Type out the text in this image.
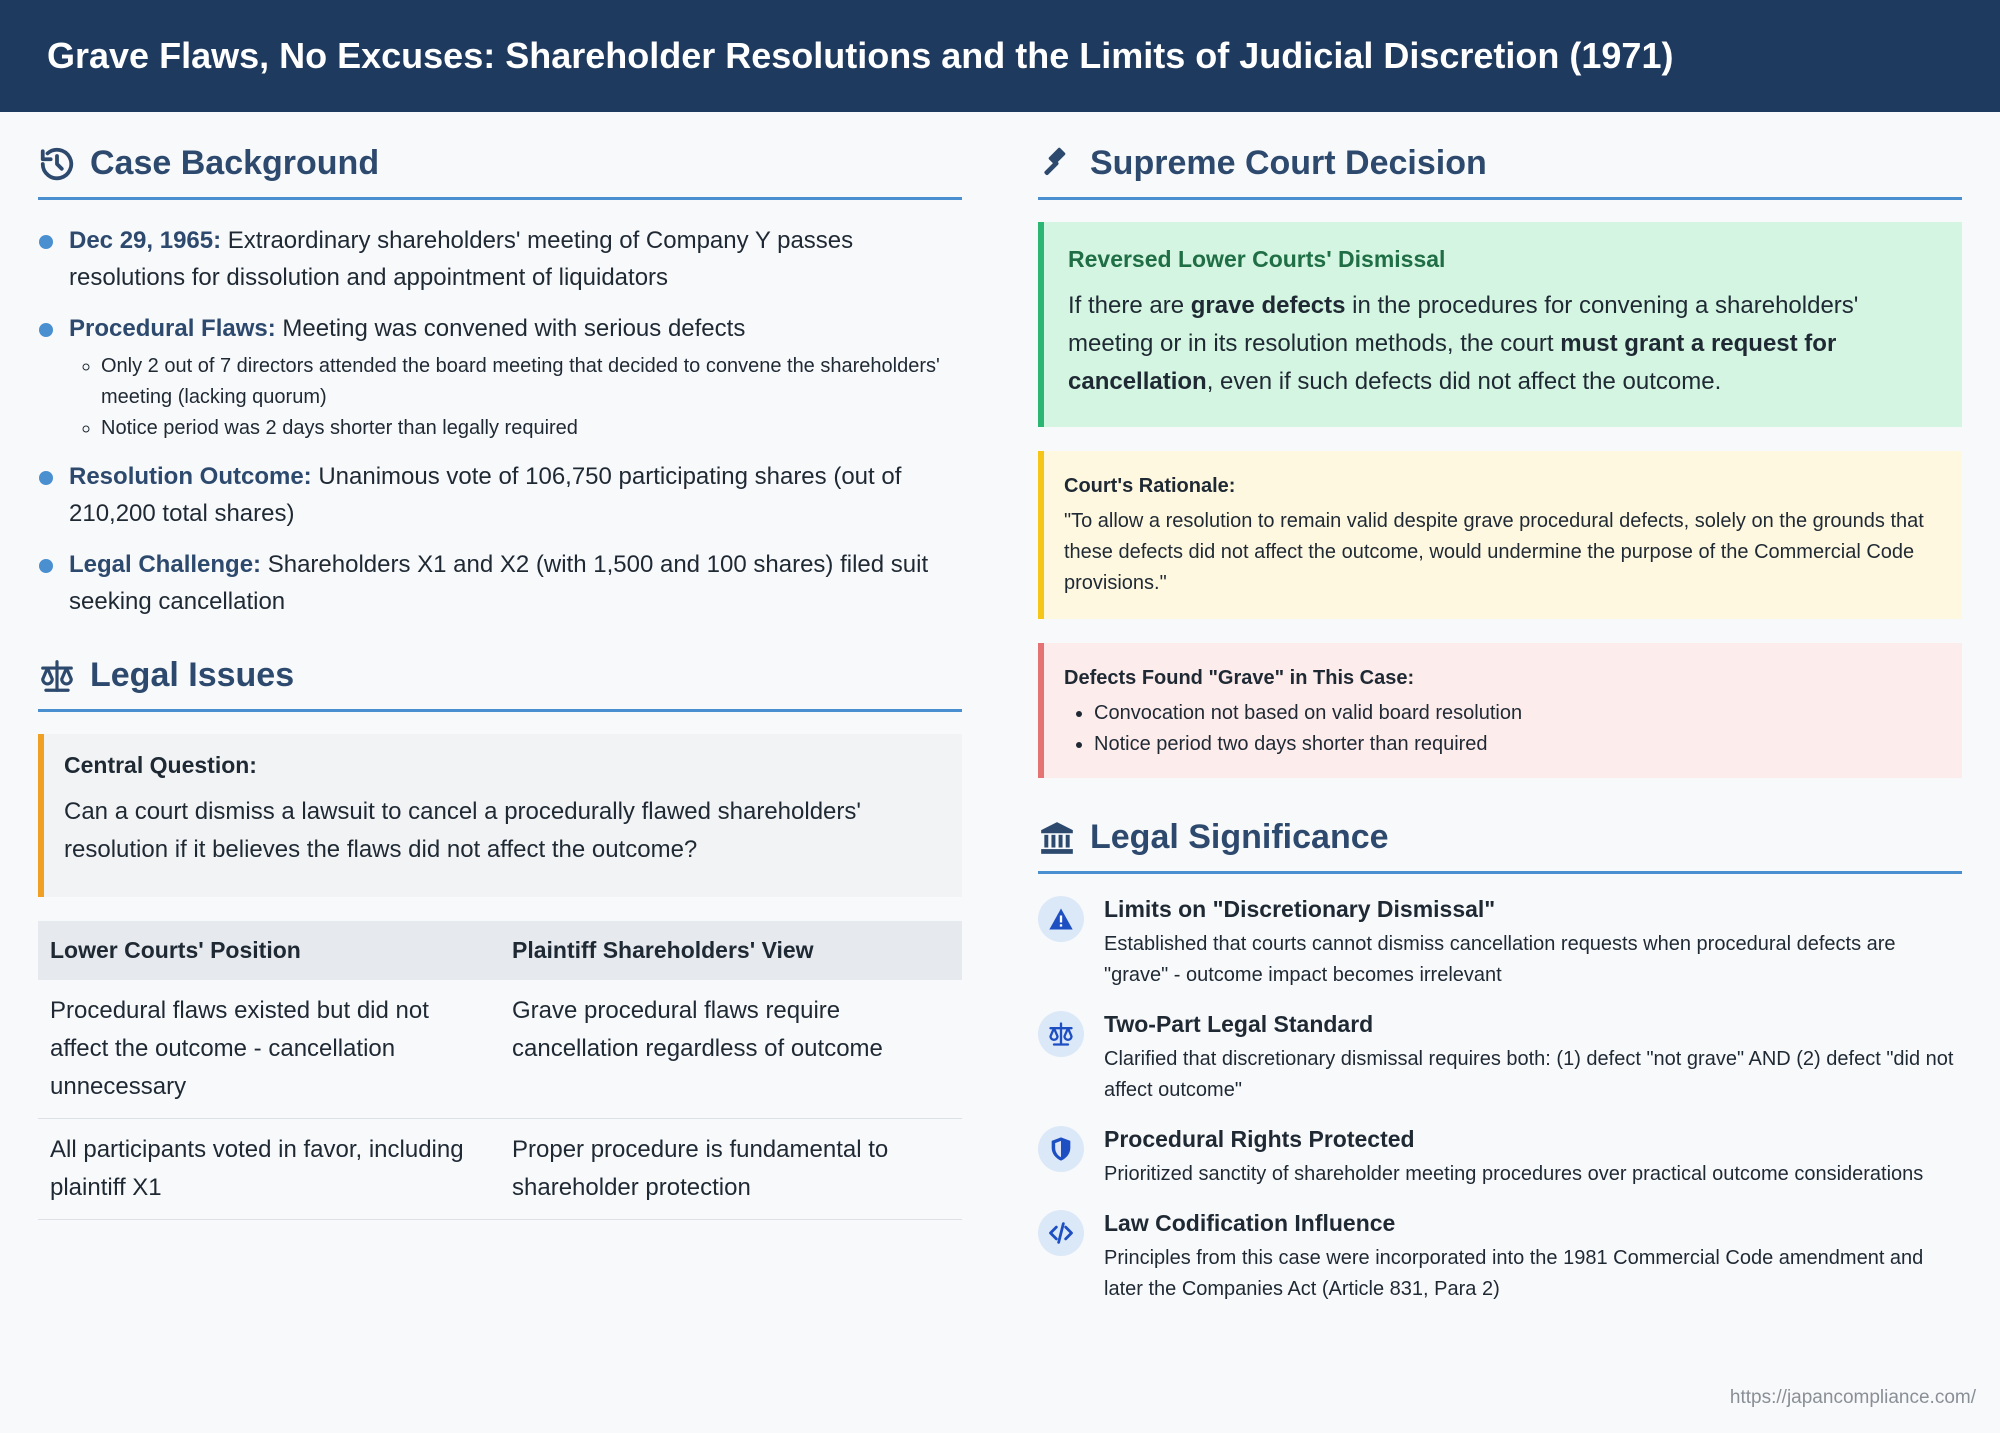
Grave Flaws, No Excuses: Shareholder Resolutions and the Limits of Judicial Discretion (1971)
Case Background
Dec 29, 1965: Extraordinary shareholders' meeting of Company Y passes resolutions for dissolution and appointment of liquidators
Procedural Flaws: Meeting was convened with serious defects
◦ Only 2 out of 7 directors attended the board meeting that decided to convene the shareholders' meeting (lacking quorum)
◦ Notice period was 2 days shorter than legally required
Resolution Outcome: Unanimous vote of 106,750 participating shares (out of 210,200 total shares)
Legal Challenge: Shareholders X1 and X2 (with 1,500 and 100 shares) filed suit seeking cancellation
Legal Issues
Central Question:
Can a court dismiss a lawsuit to cancel a procedurally flawed shareholders' resolution if it believes the flaws did not affect the outcome?
Lower Courts' Position	Plaintiff Shareholders' View
Procedural flaws existed but did not affect the outcome - cancellation unnecessary	Grave procedural flaws require cancellation regardless of outcome
All participants voted in favor, including plaintiff X1	Proper procedure is fundamental to shareholder protection
Supreme Court Decision
Reversed Lower Courts' Dismissal
If there are grave defects in the procedures for convening a shareholders' meeting or in its resolution methods, the court must grant a request for cancellation, even if such defects did not affect the outcome.
Court's Rationale:
"To allow a resolution to remain valid despite grave procedural defects, solely on the grounds that these defects did not affect the outcome, would undermine the purpose of the Commercial Code provisions."
Defects Found "Grave" in This Case:
• Convocation not based on valid board resolution
• Notice period two days shorter than required
Legal Significance
Limits on "Discretionary Dismissal"
Established that courts cannot dismiss cancellation requests when procedural defects are "grave" - outcome impact becomes irrelevant
Two-Part Legal Standard
Clarified that discretionary dismissal requires both: (1) defect "not grave" AND (2) defect "did not affect outcome"
Procedural Rights Protected
Prioritized sanctity of shareholder meeting procedures over practical outcome considerations
Law Codification Influence
Principles from this case were incorporated into the 1981 Commercial Code amendment and later the Companies Act (Article 831, Para 2)
https://japancompliance.com/
